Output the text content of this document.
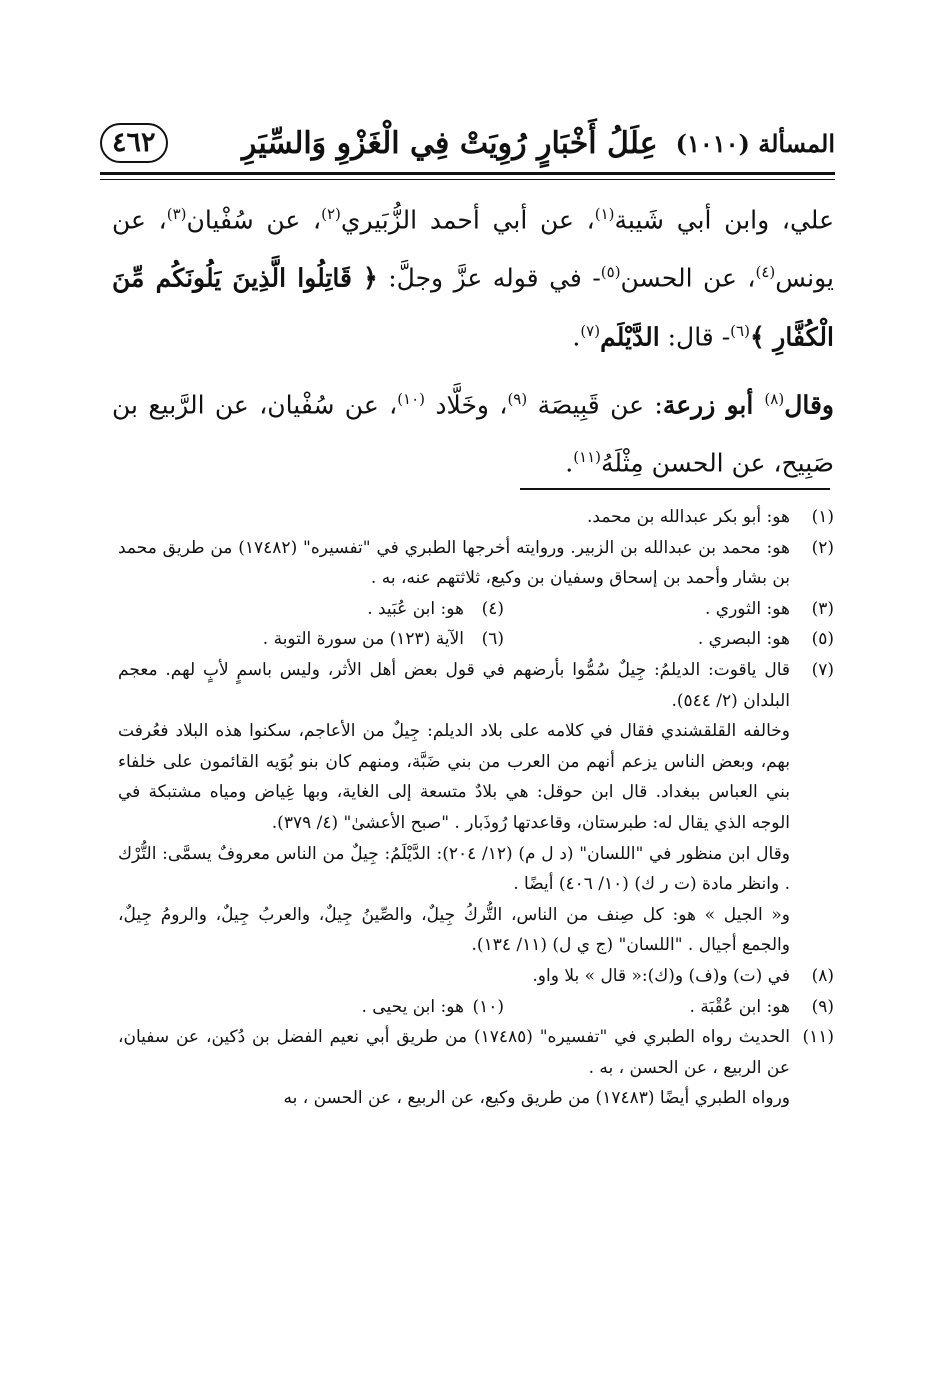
٤٦٢	عِلَلُ أَخْبَارٍ رُوِيَتْ فِي الْغَزْوِ وَالسِّيَرِ المسألة (١٠١٠)

علي، وابن أبي شَيبة$^{(١)}$، عن أبي أحمد الزُّبَيري$^{(٢)}$، عن سُفْيان$^{(٣)}$، عن يونس$^{(٤)}$، عن الحسن$^{(٥)}$- في قوله عزَّ وجلَّ: ﴿ قَاتِلُوا الَّذِينَ يَلُونَكُم مِّنَ الْكُفَّارِ ﴾$^{(٦)}$- قال: الدَّيْلَم$^{(٧)}$.

وقال$^{(٨)}$ أبو زرعة: عن قَبِيصَة $^{(٩)}$، وخَلَّاد $^{(١٠)}$، عن سُفْيان، عن الرَّبيع بن صَبِيح، عن الحسن مِثْلَهُ$^{(١١)}$.

(١)
هو: أبو بكر عبدالله بن محمد.
(٢)
هو: محمد بن عبدالله بن الزبير. وروايته أخرجها الطبري في "تفسيره" (١٧٤٨٢) من طريق محمد بن بشار وأحمد بن إسحاق وسفيان بن وكيع، ثلاثتهم عنه، به .
(٣)
هو: الثوري .
(٤)
هو: ابن عُبَيد .
(٥)
هو: البصري .
(٦)
الآية (١٢٣) من سورة التوبة .
(٧)
قال ياقوت: الديلمُ: جِيلٌ سُمُّوا بأرضهم في قول بعض أهل الأثر، وليس باسمٍ لأبٍ لهم. معجم البلدان (٢/ ٥٤٤).
وخالفه القلقشندي فقال في كلامه على بلاد الديلم: جِيلٌ من الأعاجم، سكنوا هذه البلاد فعُرفت بهم، وبعض الناس يزعم أنهم من العرب من بني ضَبَّة، ومنهم كان بنو بُوَيه القائمون على خلفاء بني العباس ببغداد. قال ابن حوقل: هي بلادٌ متسعة إلى الغاية، وبها غِياض ومياه مشتبكة في الوجه الذي يقال له: طبرستان، وقاعدتها رُوذَبار . "صبح الأعشىٰ" (٤/ ٣٧٩).
وقال ابن منظور في "اللسان" (د ل م) (١٢/ ٢٠٤): الدَّيْلَمُ: جِيلٌ من الناس معروفٌ يسمَّى: التُّرْك . وانظر مادة (ت ر ك) (١٠/ ٤٠٦) أيضًا .
و« الجيل » هو: كل صِنف من الناس، التُّركُ جِيلٌ، والصِّينُ جِيلٌ، والعربُ جِيلٌ، والرومُ جِيلٌ، والجمع أجيال . "اللسان" (ج ي ل) (١١/ ١٣٤).
(٨)
في (ت) و(ف) و(ك):« قال » بلا واو.
(٩)
هو: ابن عُقْبَة .
(١٠)
هو: ابن يحيى .
(١١)
الحديث رواه الطبري في "تفسيره" (١٧٤٨٥) من طريق أبي نعيم الفضل بن دُكين، عن سفيان، عن الربيع ، عن الحسن ، به .
ورواه الطبري أيضًا (١٧٤٨٣) من طريق وكيع، عن الربيع ، عن الحسن ، به
